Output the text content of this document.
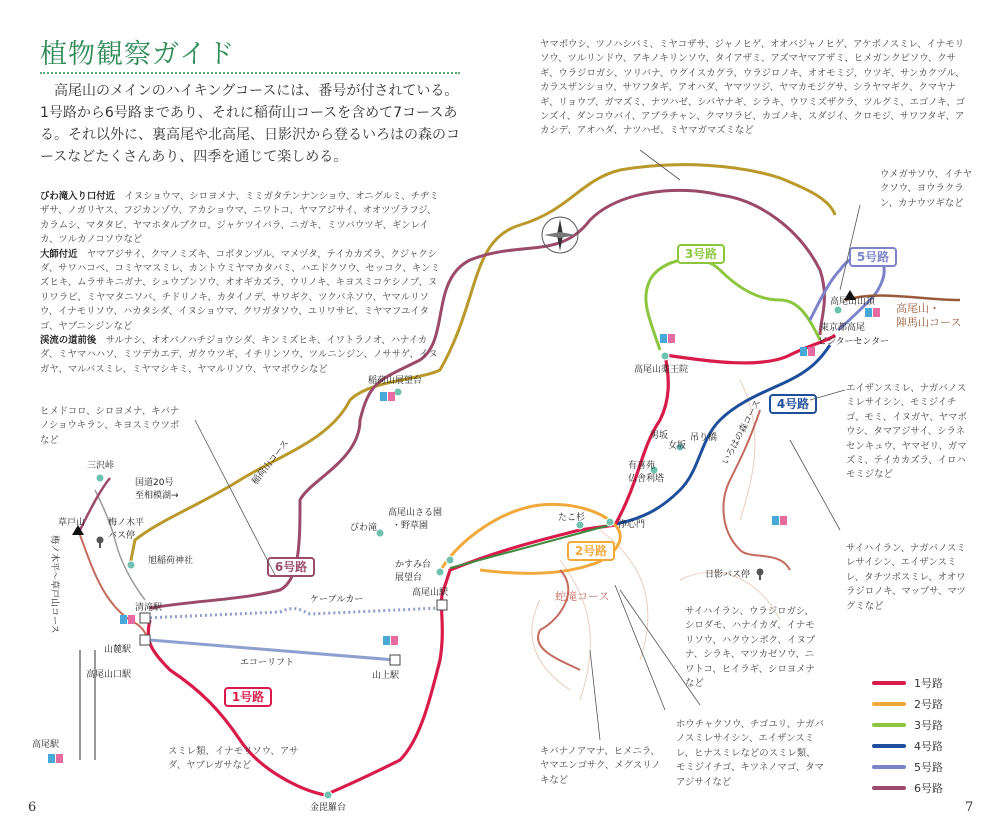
植物観察ガイド

高尾山のメインのハイキングコースには、番号が付されている。1号路から6号路まであり、それに稲荷山コースを含めて7コースある。それ以外に、裏高尾や北高尾、日影沢から登るいろはの森のコースなどたくさんあり、四季を通じて楽しめる。

1号路
2号路
3号路
4号路
5号路
6号路
三沢峠
草戸山
国道20号
至相模湖→
梅ノ木平
バス停
旭稲荷神社
清滝駅
山麓駅
高尾山口駅
高尾駅
金毘羅台
ケーブルカー
エコーリフト
山上駅
高尾山駅
かすみ台
展望台
高尾山さる園
・野草園
びわ滝
稲荷山展望台
たこ杉
浄心門
高尾山薬王院
有喜苑
仏舎利塔
吊り橋
日影バス停
高尾山山頂
東京都高尾
ビジターセンター
高尾山・
陣馬山コース
男坂
女坂
蛇滝コース
稲荷山コース	いろはの森コース
梅ノ木平〜草戸山コース
びわ滝入り口付近　 イヌショウマ、シロヨメナ、ミミガタテンナンショウ、オニグルミ、チヂミザサ、ノガリヤス、フジカンゾウ、アカショウマ、ニワトコ、ヤマアジサイ、オオツヅラフジ、カラムシ、マタタビ、ヤマホタルブクロ、ジャケツイバラ、ニガキ、ミツバウツギ、ギンレイカ、ツルカノコソウなど
大師付近　 ヤマアジサイ、クマノミズキ、コボタンヅル、マメヅタ、テイカカズラ、クジャクシダ、サワハコベ、コミヤマスミレ、カントウミヤマカタバミ、ハエドクソウ、セッコク、キンミズヒキ、ムラサキニガナ、シュウブンソウ、オオギカズラ、ウリノキ、キヨスミコケシノブ、ヌリワラビ、ミヤマタニソバ、チドリノキ、カタイノデ、サワギク、ツクバネソウ、ヤマルリソウ、イナモリソウ、ハカタシダ、イヌショウマ、クワガタソウ、ユリワサビ、ミヤマフユイタゴ、ヤブニンジンなど
渓流の道前後　 サルナシ、オオバノハチジョウシダ、キンミズヒキ、イワトラノオ、ハナイカダ、ミヤマハハソ、ミツデカエデ、ガクウツギ、イチリンソウ、ツルニンジン、ノササゲ、イヌガヤ、マルバスミレ、ミヤマシキミ、ヤマルリソウ、ヤマボウシなど
ヤマボウシ、ツノハシバミ、ミヤコザサ、ジャノヒゲ、オオバジャノヒゲ、アケボノスミレ、イナモリソウ、ツルリンドウ、アキノキリンソウ、タイアザミ、アズマヤマアザミ、ヒメガンクビソウ、クサギ、ウラジロガシ、ツリバナ、ウグイスカグラ、ウラジロノキ、オオモミジ、ウツギ、サンカクヅル、カラスザンショウ、サワフタギ、アオハダ、ヤマツツジ、ヤマカモジグサ、シラヤマギク、クマヤナギ、リョウブ、ガマズミ、ナツハゼ、シバヤナギ、シラキ、ウワミズザクラ、ツルグミ、エゴノキ、ゴンズイ、ダンコウバイ、アブラチャン、クマワラビ、カゴノキ、スダジイ、クロモジ、サワフタギ、アカシデ、アオハダ、ナツハゼ、ミヤマガマズミなど
ウメガサソウ、イチヤクソウ、ヨウラクラン、カナウツギなど
エイザンスミレ、ナガバノスミレサイシン、モミジイチゴ、モミ、イヌガヤ、ヤマボウシ、タマアジサイ、シラネセンキュウ、ヤマゼリ、ガマズミ、テイカカズラ、イロハモミジなど
サイハイラン、ナガバノスミレサイシン、エイザンスミレ、タチツボスミレ、オオワラジロノキ、マップサ、マツグミなど
ヒメドコロ、シロヨメナ、キバナノショウキラン、キヨスミウツボなど
スミレ類、イナモリソウ、アサダ、ヤブレガサなど
サイハイラン、ウラジロガシ、シロダモ、ハナイカダ、イナモリソウ、ハクウンボク、イヌブナ、シラキ、マツカゼソウ、ニワトコ、ヒイラギ、シロヨメナなど
ホウチャクソウ、チゴユリ、ナガバノスミレサイシン、エイザンスミレ、ヒナスミレなどのスミレ類、モミジイチゴ、キツネノマゴ、タマアジサイなど
キバナノアマナ、ヒメニラ、ヤマエンゴサク、メグスリノキなど
1号路
2号路
3号路
4号路
5号路
6号路
6	7
